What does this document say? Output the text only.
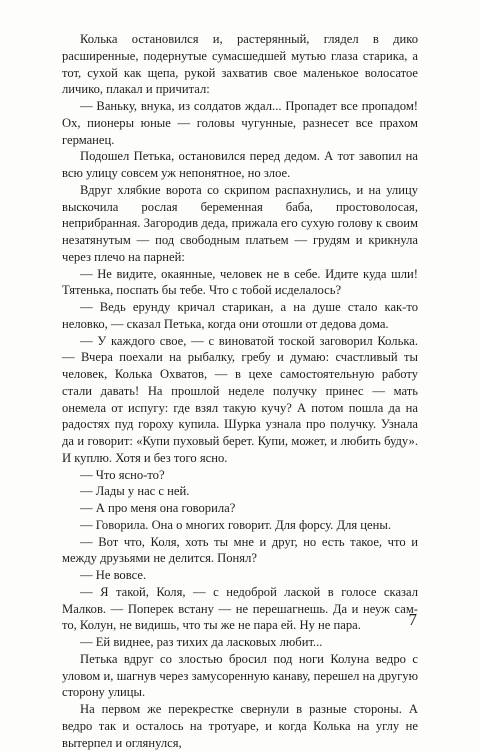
Колька остановился и, растерянный, глядел в дико расширенные, подернутые сумасшедшей мутью глаза старика, а тот, сухой как щепа, рукой захватив свое маленькое волосатое личико, плакал и причитал:

— Ваньку, внука, из солдатов ждал... Пропадет все пропадом! Ох, пионеры юные — головы чугунные, разнесет все прахом германец.

Подошел Петька, остановился перед дедом. А тот завопил на всю улицу совсем уж непонятное, но злое.

Вдруг хлябкие ворота со скрипом распахнулись, и на улицу выскочила рослая беременная баба, простоволосая, неприбранная. Загородив деда, прижала его сухую голову к своим незатянутым — под свободным платьем — грудям и крикнула через плечо на парней:

— Не видите, окаянные, человек не в себе. Идите куда шли! Тятенька, поспать бы тебе. Что с тобой исделалось?

— Ведь ерунду кричал старикан, а на душе стало как-то неловко, — сказал Петька, когда они отошли от дедова дома.

— У каждого свое, — с виноватой тоской заговорил Колька. — Вчера поехали на рыбалку, гребу и думаю: счастливый ты человек, Колька Охватов, — в цехе самостоятельную работу стали давать! На прошлой неделе получку принес — мать онемела от испугу: где взял такую кучу? А потом пошла да на радостях пуд гороху купила. Шурка узнала про получку. Узнала да и говорит: «Купи пуховый берет. Купи, может, и любить буду». И куплю. Хотя и без того ясно.

— Что ясно-то?

— Лады у нас с ней.

— А про меня она говорила?

— Говорила. Она о многих говорит. Для форсу. Для цены.

— Вот что, Коля, хоть ты мне и друг, но есть такое, что и между друзьями не делится. Понял?

— Не вовсе.

— Я такой, Коля, — с недоброй лаской в голосе сказал Малков. — Поперек встану — не перешагнешь. Да и неуж сам-то, Колун, не видишь, что ты же не пара ей. Ну не пара.

— Ей виднее, раз тихих да ласковых любит...

Петька вдруг со злостью бросил под ноги Колуна ведро с уловом и, шагнув через замусоренную канаву, перешел на другую сторону улицы.

На первом же перекрестке свернули в разные стороны. А ведро так и осталось на тротуаре, и когда Колька на углу не вытерпел и оглянулся,

7
